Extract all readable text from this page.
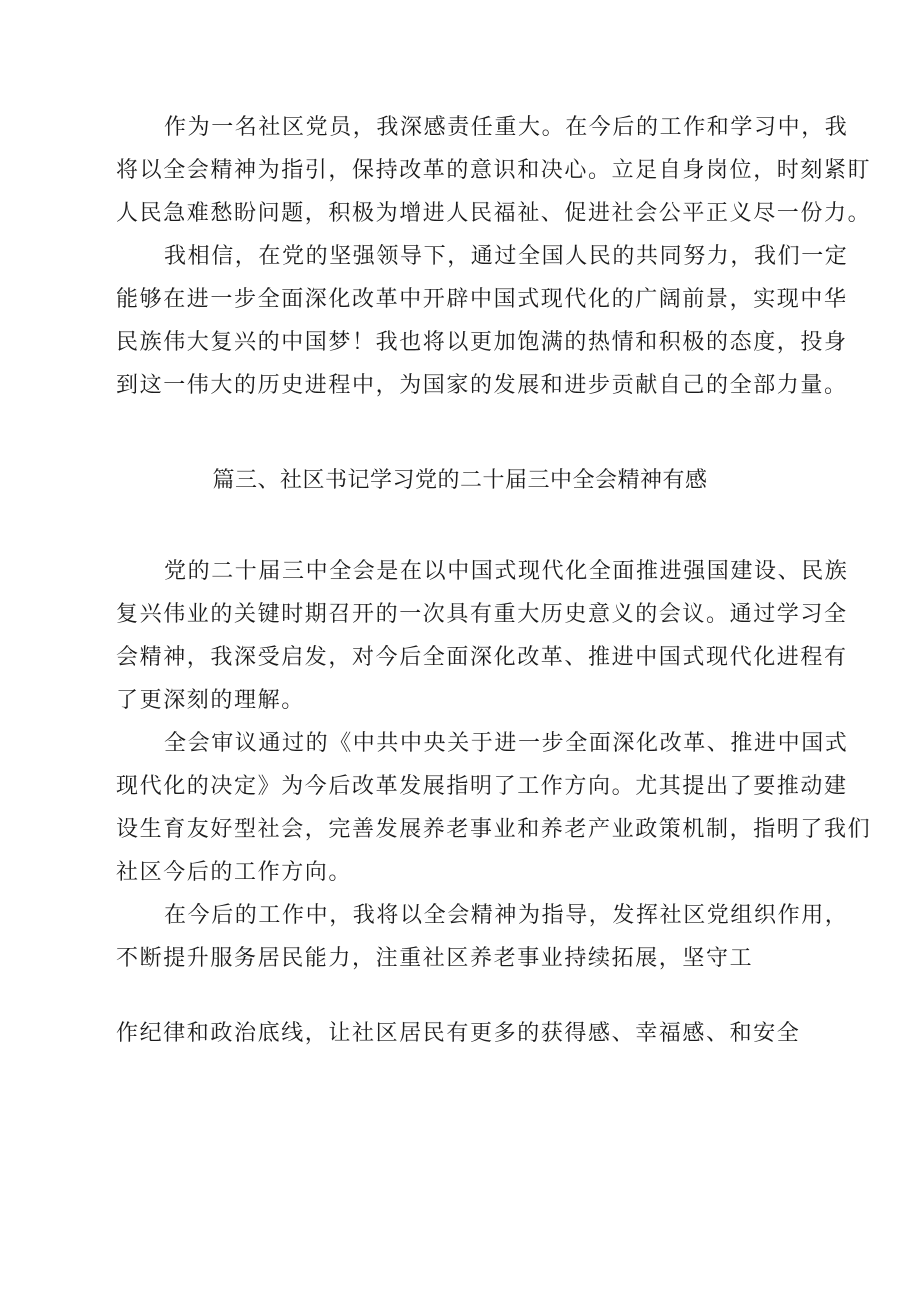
作为一名社区党员，我深感责任重大。在今后的工作和学习中，我
将以全会精神为指引，保持改革的意识和决心。立足自身岗位，时刻紧盯
人民急难愁盼问题，积极为增进人民福祉、促进社会公平正义尽一份力。
我相信，在党的坚强领导下，通过全国人民的共同努力，我们一定
能够在进一步全面深化改革中开辟中国式现代化的广阔前景，实现中华
民族伟大复兴的中国梦！我也将以更加饱满的热情和积极的态度，投身
到这一伟大的历史进程中，为国家的发展和进步贡献自己的全部力量。
篇三、社区书记学习党的二十届三中全会精神有感
党的二十届三中全会是在以中国式现代化全面推进强国建设、民族
复兴伟业的关键时期召开的一次具有重大历史意义的会议。通过学习全
会精神，我深受启发，对今后全面深化改革、推进中国式现代化进程有
了更深刻的理解。
全会审议通过的《中共中央关于进一步全面深化改革、推进中国式
现代化的决定》为今后改革发展指明了工作方向。尤其提出了要推动建
设生育友好型社会，完善发展养老事业和养老产业政策机制，指明了我们
社区今后的工作方向。
在今后的工作中，我将以全会精神为指导，发挥社区党组织作用，
不断提升服务居民能力，注重社区养老事业持续拓展，坚守工
作纪律和政治底线，让社区居民有更多的获得感、幸福感、和安全
